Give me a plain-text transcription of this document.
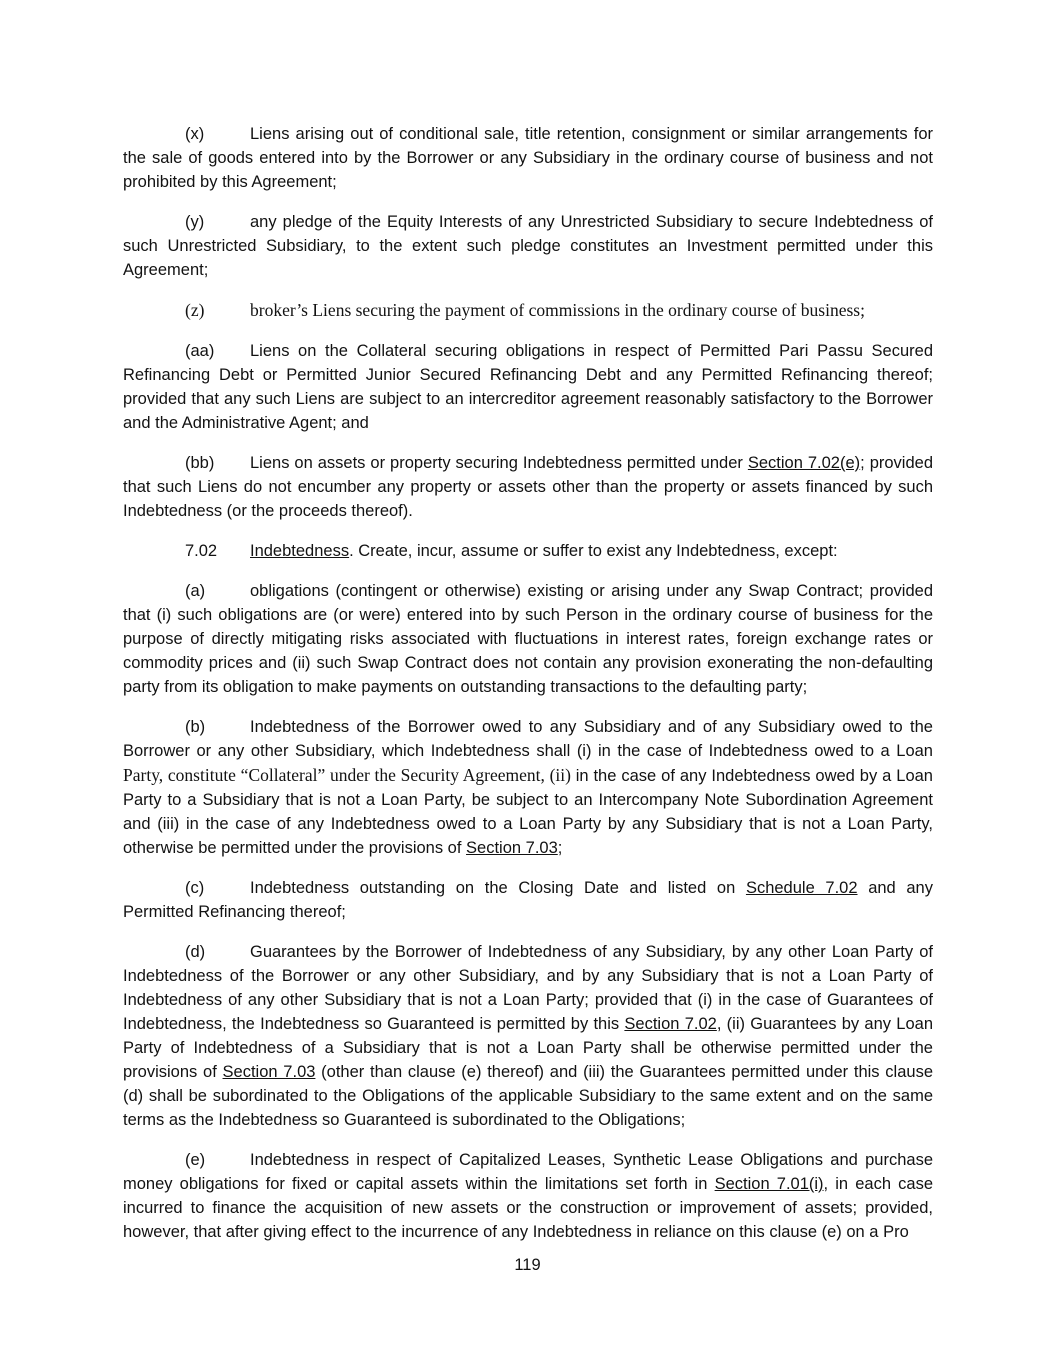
(x)	Liens arising out of conditional sale, title retention, consignment or similar arrangements for the sale of goods entered into by the Borrower or any Subsidiary in the ordinary course of business and not prohibited by this Agreement;

(y)	any pledge of the Equity Interests of any Unrestricted Subsidiary to secure Indebtedness of such Unrestricted Subsidiary, to the extent such pledge constitutes an Investment permitted under this Agreement;

(z)	broker’s Liens securing the payment of commissions in the ordinary course of business;

(aa) Liens on the Collateral securing obligations in respect of Permitted Pari Passu Secured Refinancing Debt or Permitted Junior Secured Refinancing Debt and any Permitted Refinancing thereof; provided that any such Liens are subject to an intercreditor agreement reasonably satisfactory to the Borrower and the Administrative Agent; and

(bb) Liens on assets or property securing Indebtedness permitted under Section 7.02(e); provided that such Liens do not encumber any property or assets other than the property or assets financed by such Indebtedness (or the proceeds thereof).

7.02 Indebtedness. Create, incur, assume or suffer to exist any Indebtedness, except:

(a)	obligations (contingent or otherwise) existing or arising under any Swap Contract; provided that (i) such obligations are (or were) entered into by such Person in the ordinary course of business for the purpose of directly mitigating risks associated with fluctuations in interest rates, foreign exchange rates or commodity prices and (ii) such Swap Contract does not contain any provision exonerating the non-defaulting party from its obligation to make payments on outstanding transactions to the defaulting party;

(b)	Indebtedness of the Borrower owed to any Subsidiary and of any Subsidiary owed to the Borrower or any other Subsidiary, which Indebtedness shall (i) in the case of Indebtedness owed to a Loan Party, constitute “Collateral” under the Security Agreement, (ii) in the case of any Indebtedness owed by a Loan Party to a Subsidiary that is not a Loan Party, be subject to an Intercompany Note Subordination Agreement and (iii) in the case of any Indebtedness owed to a Loan Party by any Subsidiary that is not a Loan Party, otherwise be permitted under the provisions of Section 7.03;

(c)	Indebtedness outstanding on the Closing Date and listed on Schedule 7.02 and any Permitted Refinancing thereof;

(d)	Guarantees by the Borrower of Indebtedness of any Subsidiary, by any other Loan Party of Indebtedness of the Borrower or any other Subsidiary, and by any Subsidiary that is not a Loan Party of Indebtedness of any other Subsidiary that is not a Loan Party; provided that (i) in the case of Guarantees of Indebtedness, the Indebtedness so Guaranteed is permitted by this Section 7.02, (ii) Guarantees by any Loan Party of Indebtedness of a Subsidiary that is not a Loan Party shall be otherwise permitted under the provisions of Section 7.03 (other than clause (e) thereof) and (iii) the Guarantees permitted under this clause (d) shall be subordinated to the Obligations of the applicable Subsidiary to the same extent and on the same terms as the Indebtedness so Guaranteed is subordinated to the Obligations;

(e)	Indebtedness in respect of Capitalized Leases, Synthetic Lease Obligations and purchase money obligations for fixed or capital assets within the limitations set forth in Section 7.01(i), in each case incurred to finance the acquisition of new assets or the construction or improvement of assets; provided, however, that after giving effect to the incurrence of any Indebtedness in reliance on this clause (e) on a Pro

119
